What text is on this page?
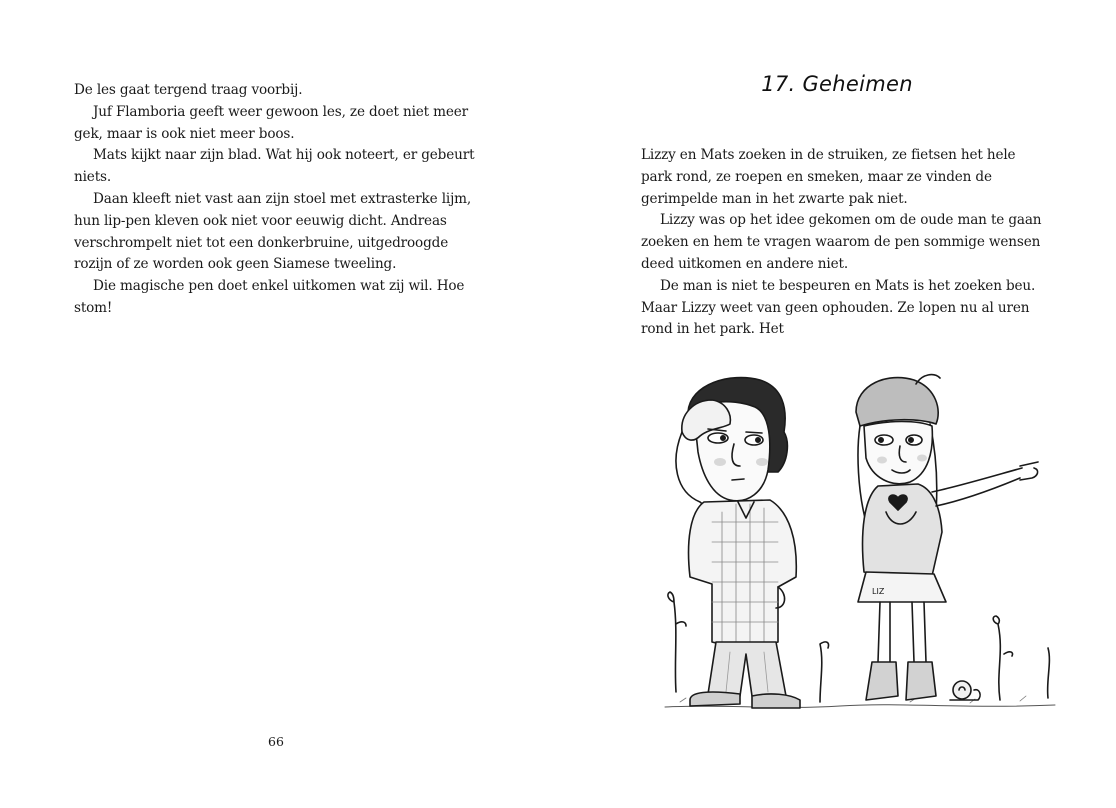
De les gaat tergend traag voorbij.

Juf Flamboria geeft weer gewoon les, ze doet niet meer gek, maar is ook niet meer boos.

Mats kijkt naar zijn blad. Wat hij ook noteert, er gebeurt niets.

Daan kleeft niet vast aan zijn stoel met extrasterke lijm, hun lip-pen kleven ook niet voor eeuwig dicht. Andreas verschrompelt niet tot een donkerbruine, uitgedroogde rozijn of ze worden ook geen Siamese tweeling.

Die magische pen doet enkel uitkomen wat zij wil. Hoe stom!

66
17. Geheimen

Lizzy en Mats zoeken in de struiken, ze fietsen het hele park rond, ze roepen en smeken, maar ze vinden de gerimpelde man in het zwarte pak niet.

Lizzy was op het idee gekomen om de oude man te gaan zoeken en hem te vragen waarom de pen sommige wensen deed uitkomen en andere niet.

De man is niet te bespeuren en Mats is het zoeken beu. Maar Lizzy weet van geen ophouden. Ze lopen nu al uren rond in het park. Het

LIZ
